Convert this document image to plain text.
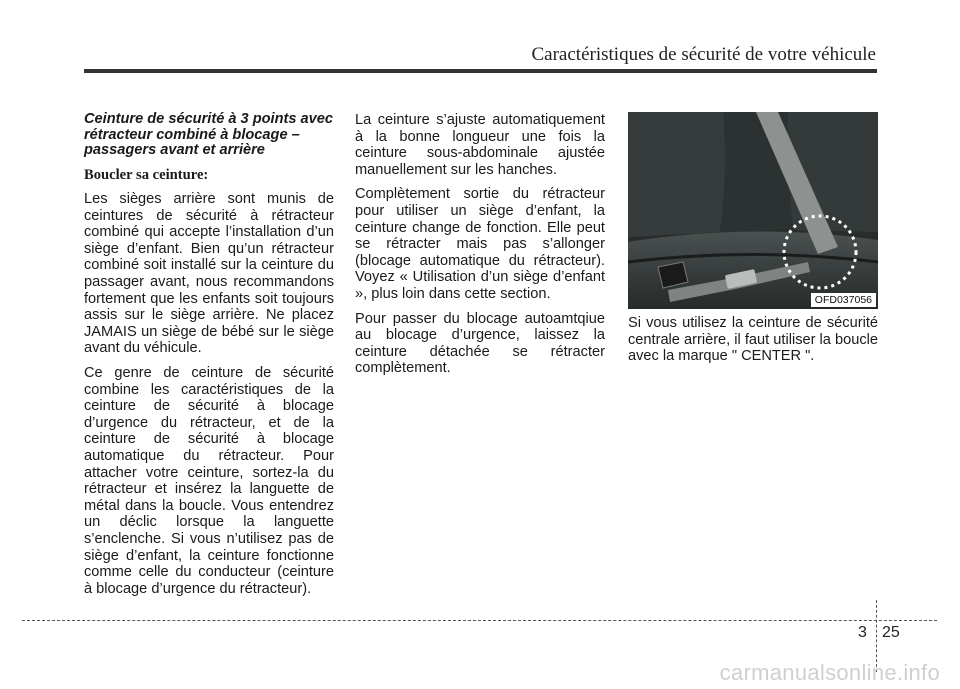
Caractéristiques de sécurité de votre véhicule

Ceinture de sécurité à 3 points avec rétracteur combiné à blocage – passagers avant et arrière

Boucler sa ceinture:

Les sièges arrière sont munis de ceintures de sécurité à rétracteur combiné qui accepte l’installation d’un siège d’enfant. Bien qu’un rétracteur combiné soit installé sur la ceinture du passager avant, nous recommandons fortement que les enfants soit toujours assis sur le siège arrière. Ne placez JAMAIS un siège de bébé sur le siège avant du véhicule.

Ce genre de ceinture de sécurité combine les caractéristiques de la ceinture de sécurité à blocage d’urgence du rétracteur, et de la ceinture de sécurité à blocage automatique du rétracteur. Pour attacher votre ceinture, sortez-la du rétracteur et insérez la languette de métal dans la boucle. Vous entendrez un déclic lorsque la languette s’enclenche. Si vous n’utilisez pas de siège d’enfant, la ceinture fonctionne comme celle du conducteur (ceinture à blocage d’urgence du rétracteur).

La ceinture s’ajuste automatiquement à la bonne longueur une fois la ceinture sous-abdominale ajustée manuellement sur les hanches.

Complètement sortie du rétracteur pour utiliser un siège d’enfant, la ceinture change de fonction. Elle peut se rétracter mais pas s’allonger (blocage automatique du rétracteur). Voyez « Utilisation d’un siège d’enfant », plus loin dans cette section.

Pour passer du blocage autoamtqiue au blocage d’urgence, laissez la ceinture détachée se rétracter complètement.

OFD037056

Si vous utilisez la ceinture de sécurité centrale arrière, il faut utiliser la boucle avec la marque " CENTER ".

3 25
carmanualsonline.info
